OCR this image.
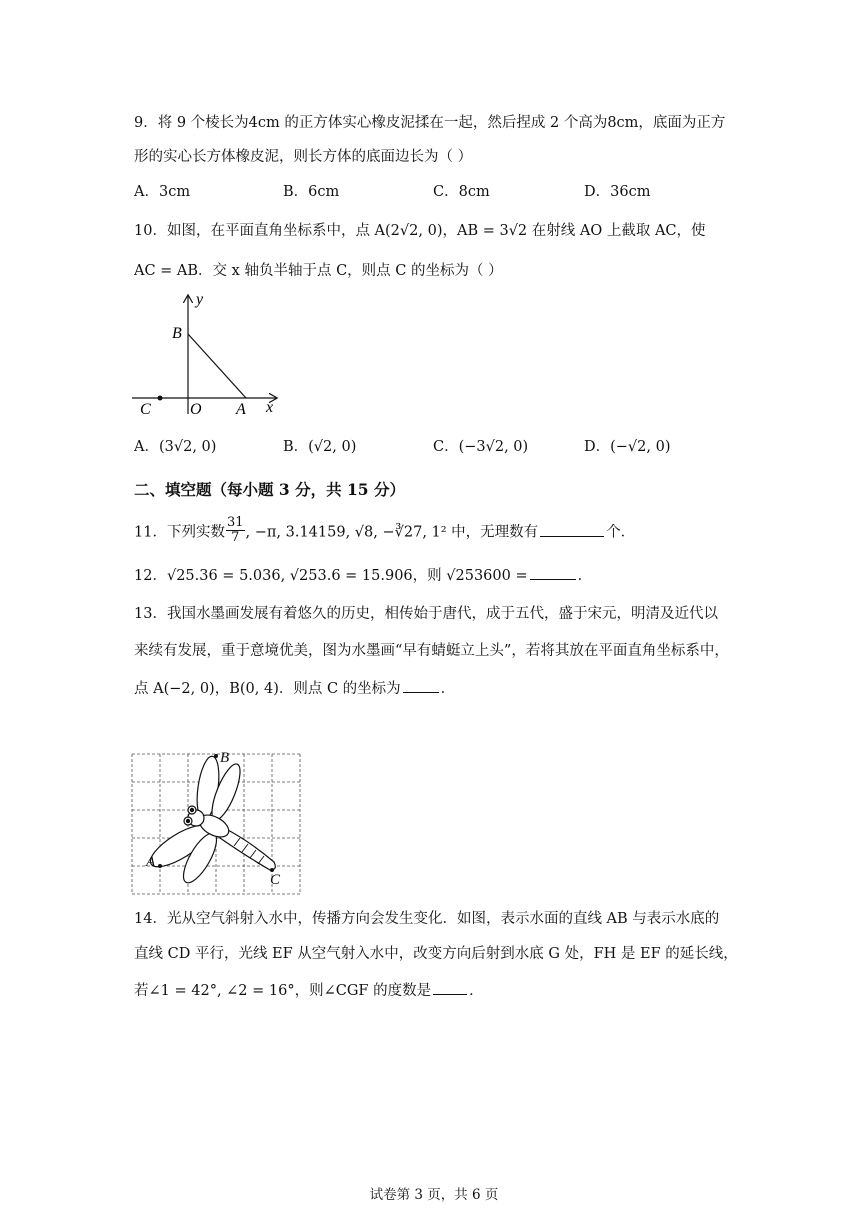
9．将 9 个棱长为4cm 的正方体实心橡皮泥揉在一起，然后捏成 2 个高为8cm，底面为正方
形的实心长方体橡皮泥，则长方体的底面边长为（ ）
A．3cm	B．6cm	C．8cm	D．36cm
10．如图，在平面直角坐标系中，点 A(2√2, 0)，AB = 3√2 在射线 AO 上截取 AC，使
AC = AB．交 x 轴负半轴于点 C，则点 C 的坐标为（ ）
y
B
C O A x
A．(3√2, 0)	B．(√2, 0)	C．(−3√2, 0)	D．(−√2, 0)
二、填空题（每小题 3 分，共 15 分）
11．下列实数 $\frac{31}{7}$ , −π, 3.14159, √8, −∛27, 1² 中，无理数有	个．
12．√25.36 = 5.036, √253.6 = 15.906，则 √253600 =	．
13．我国水墨画发展有着悠久的历史，相传始于唐代，成于五代，盛于宋元，明清及近代以
来续有发展，重于意境优美，图为水墨画“早有蜻蜓立上头”，若将其放在平面直角坐标系中，
点 A(−2, 0)，B(0, 4)．则点 C 的坐标为	．
B
A
C
14．光从空气斜射入水中，传播方向会发生变化．如图，表示水面的直线 AB 与表示水底的
直线 CD 平行，光线 EF 从空气射入水中，改变方向后射到水底 G 处，FH 是 EF 的延长线，
若∠1 = 42°, ∠2 = 16°，则∠CGF 的度数是	．
试卷第 3 页，共 6 页
